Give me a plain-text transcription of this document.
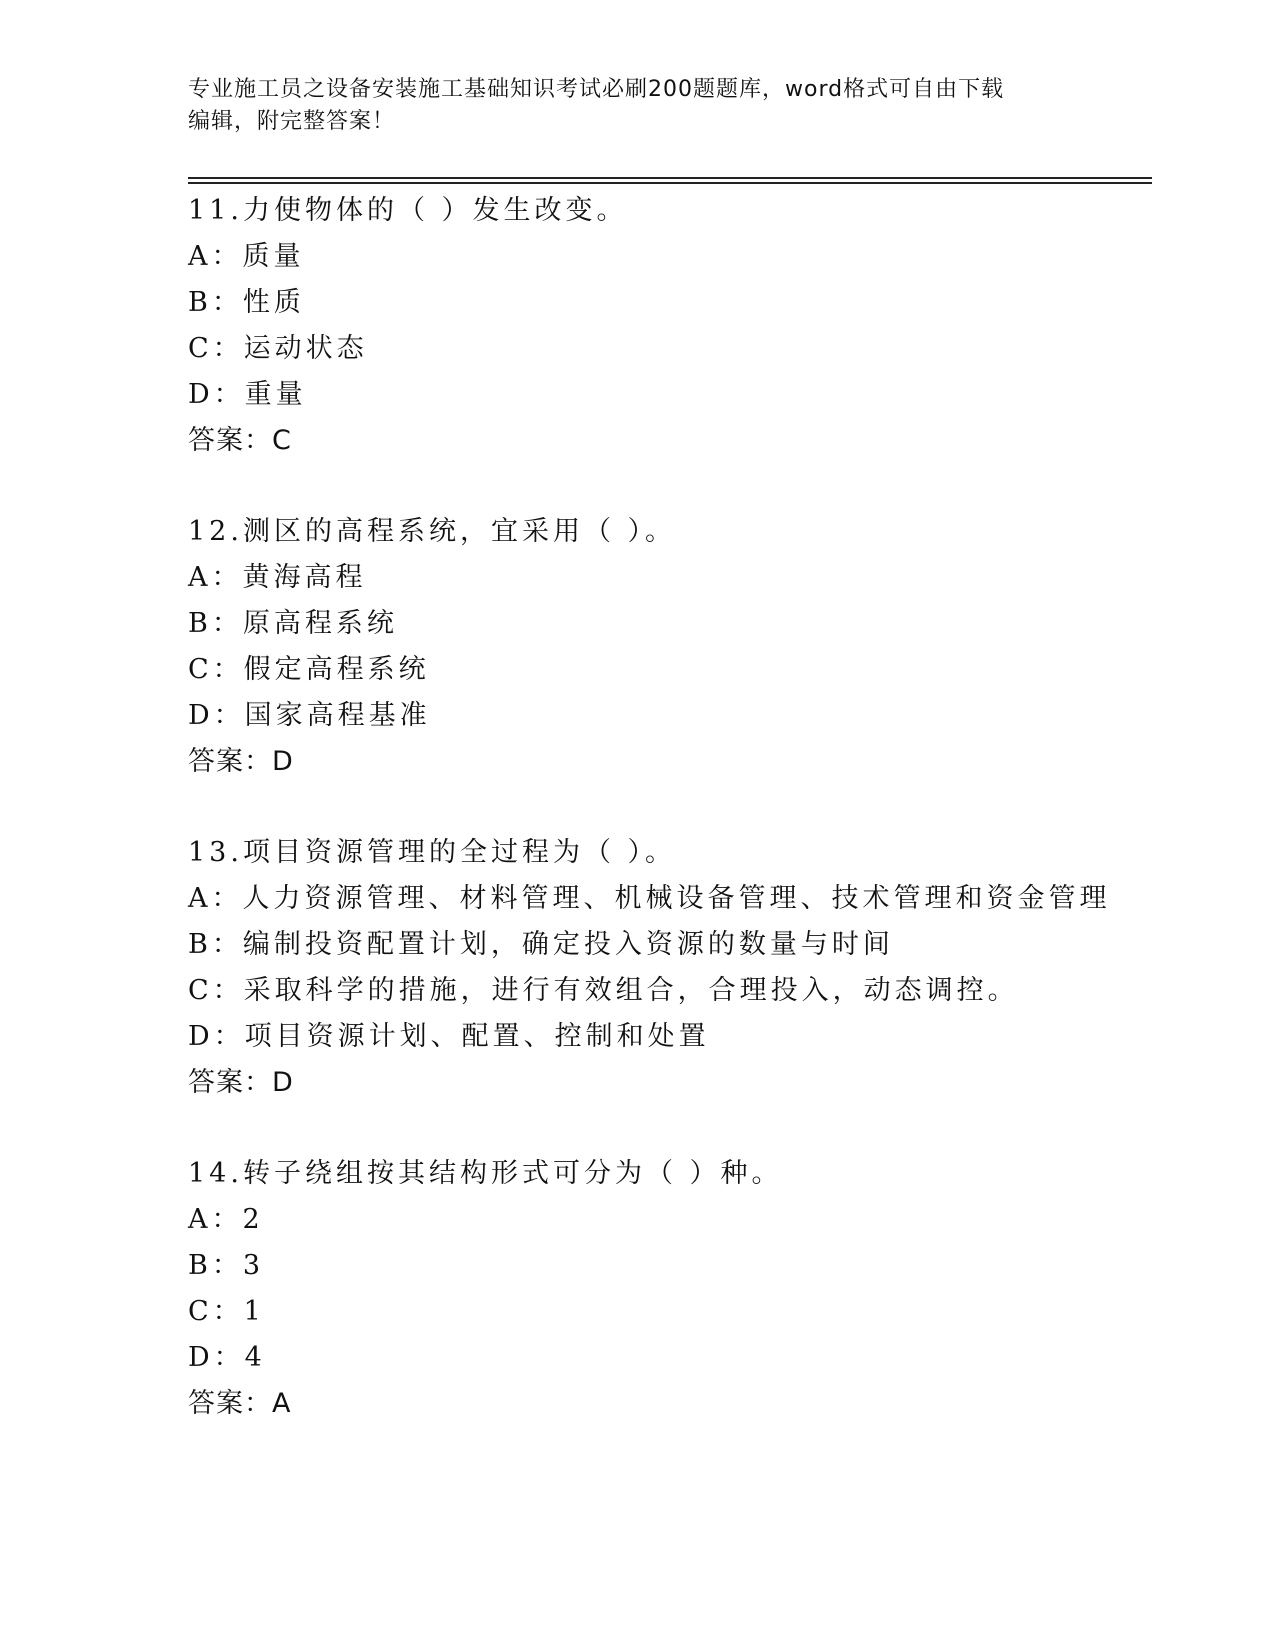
专业施工员之设备安装施工基础知识考试必刷200题题库，word格式可自由下载
编辑，附完整答案！
11.力使物体的（ ）发生改变。
A：质量
B：性质
C：运动状态
D：重量
答案：C
12.测区的高程系统，宜采用（ ）。
A：黄海高程
B：原高程系统
C：假定高程系统
D：国家高程基准
答案：D
13.项目资源管理的全过程为（ ）。
A：人力资源管理、材料管理、机械设备管理、技术管理和资金管理
B：编制投资配置计划，确定投入资源的数量与时间
C：采取科学的措施，进行有效组合，合理投入，动态调控。
D：项目资源计划、配置、控制和处置
答案：D
14.转子绕组按其结构形式可分为（ ）种。
A：2
B：3
C：1
D：4
答案：A
